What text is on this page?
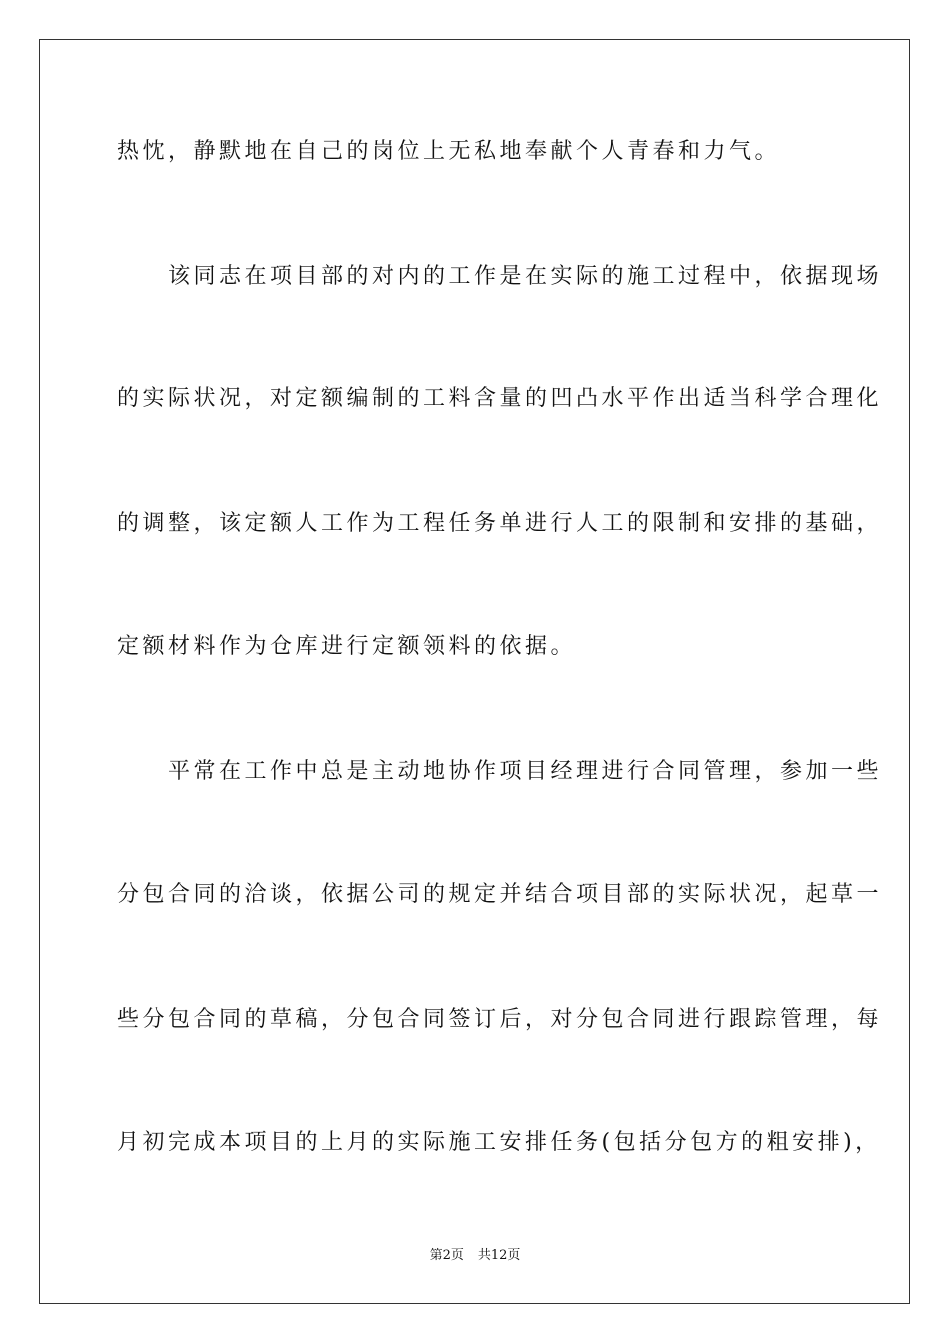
热忱，静默地在自己的岗位上无私地奉献个人青春和力气。
　　该同志在项目部的对内的工作是在实际的施工过程中，依据现场
的实际状况，对定额编制的工料含量的凹凸水平作出适当科学合理化
的调整，该定额人工作为工程任务单进行人工的限制和安排的基础，
定额材料作为仓库进行定额领料的依据。
　　平常在工作中总是主动地协作项目经理进行合同管理，参加一些
分包合同的洽谈，依据公司的规定并结合项目部的实际状况，起草一
些分包合同的草稿，分包合同签订后，对分包合同进行跟踪管理，每
月初完成本项目的上月的实际施工安排任务(包括分包方的粗安排)，
第2页 共12页
